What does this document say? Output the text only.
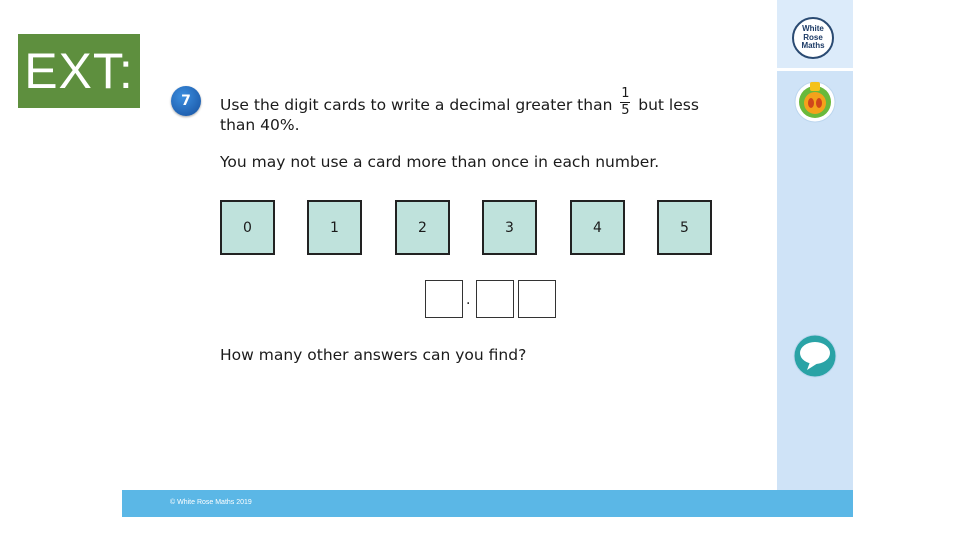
EXT:
White
Rose
Maths
7	Use the digit cards to write a decimal greater than $\frac{1}{5}$ but less
than 40%.
You may not use a card more than once in each number.
0	1	2	3	4	5
.
How many other answers can you find?
© White Rose Maths 2019
